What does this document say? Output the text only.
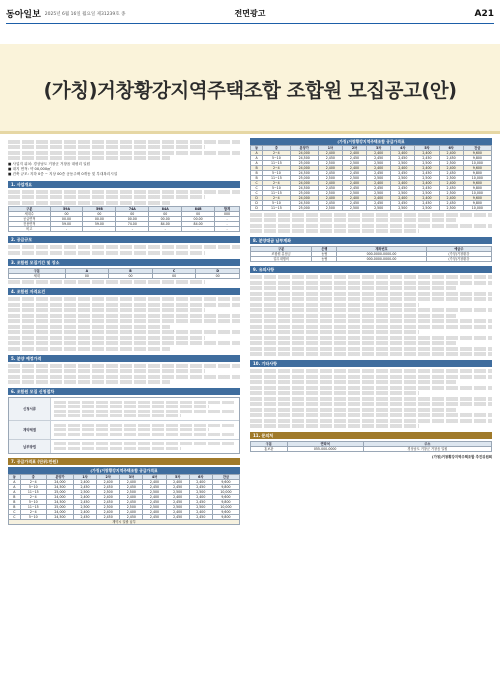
동아일보 2025년 6월 16일 월요일 제31239호 종	전면광고	A21
(가칭)거창황강지역주택조합 조합원 모집공고(안)
■ 사업지 위치: 경상남도 거창군 거창읍 대평리 일원
■ 대지 면적: 약 00,000㎡
■ 건축 규모: 지하 0층 ~ 지상 00층 공동주택 0개동 및 부대복리시설
1. 사업개요
구분	59A	59B	74A	84A	84B	합계
세대수	00	00	00	00	00	000
공급면적	00.00	00.00	00.00	00.00	00.00	-
전용면적	59.00	59.00	74.00	84.00	84.00	-
비고	-	-	-	-	-	-
2. 공급규모
3. 조합원 모집기간 및 장소
구분	A	B	C	D
세대	00	00	00	00
4. 조합원 자격요건
5. 분양 예정가격
6. 조합원 모집 신청절차
신청서류
계약체결
납부방법
7. 공급가격표 (단위:만원)
(가칭)거창황강지역주택조합 공급가격표
동	층	분양가	1차	2차	3차	4차	5차	6차	잔금
A	2~4	24,000	2,400	2,400	2,400	2,400	2,400	2,400	9,600
A	5~10	24,500	2,450	2,450	2,450	2,450	2,450	2,450	9,800
A	11~15	25,000	2,500	2,500	2,500	2,500	2,500	2,500	10,000
B	2~4	24,000	2,400	2,400	2,400	2,400	2,400	2,400	9,600
B	5~10	24,500	2,450	2,450	2,450	2,450	2,450	2,450	9,800
B	11~15	25,000	2,500	2,500	2,500	2,500	2,500	2,500	10,000
C	2~4	24,000	2,400	2,400	2,400	2,400	2,400	2,400	9,600
C	5~10	24,500	2,450	2,450	2,450	2,450	2,450	2,450	9,800
계약시 일괄 납부									
(가칭)거창황강지역주택조합 공급가격표
동	층	분양가	1차	2차	3차	4차	5차	6차	잔금
A	2~4	24,000	2,400	2,400	2,400	2,400	2,400	2,400	9,600
A	5~10	24,500	2,450	2,450	2,450	2,450	2,450	2,450	9,800
A	11~15	25,000	2,500	2,500	2,500	2,500	2,500	2,500	10,000
B	2~4	24,000	2,400	2,400	2,400	2,400	2,400	2,400	9,600
B	5~10	24,500	2,450	2,450	2,450	2,450	2,450	2,450	9,800
B	11~15	25,000	2,500	2,500	2,500	2,500	2,500	2,500	10,000
C	2~4	24,000	2,400	2,400	2,400	2,400	2,400	2,400	9,600
C	5~10	24,500	2,450	2,450	2,450	2,450	2,450	2,450	9,800
C	11~15	25,000	2,500	2,500	2,500	2,500	2,500	2,500	10,000
D	2~4	24,000	2,400	2,400	2,400	2,400	2,400	2,400	9,600
D	5~10	24,500	2,450	2,450	2,450	2,450	2,450	2,450	9,800
D	11~15	25,000	2,500	2,500	2,500	2,500	2,500	2,500	10,000
8. 분양대금 납부계좌
구분	은행	계좌번호	예금주
조합원 분담금	농협	000-0000-0000-00	(가칭)거창황강
업무대행비	농협	000-0000-0000-00	(가칭)거창황강
9. 유의사항
10. 기타사항
11. 문의처
구분	연락처	주소
홍보관	055-000-0000	경상남도 거창군 거창읍 일원
(가칭)거창황강지역주택조합 추진위원회
